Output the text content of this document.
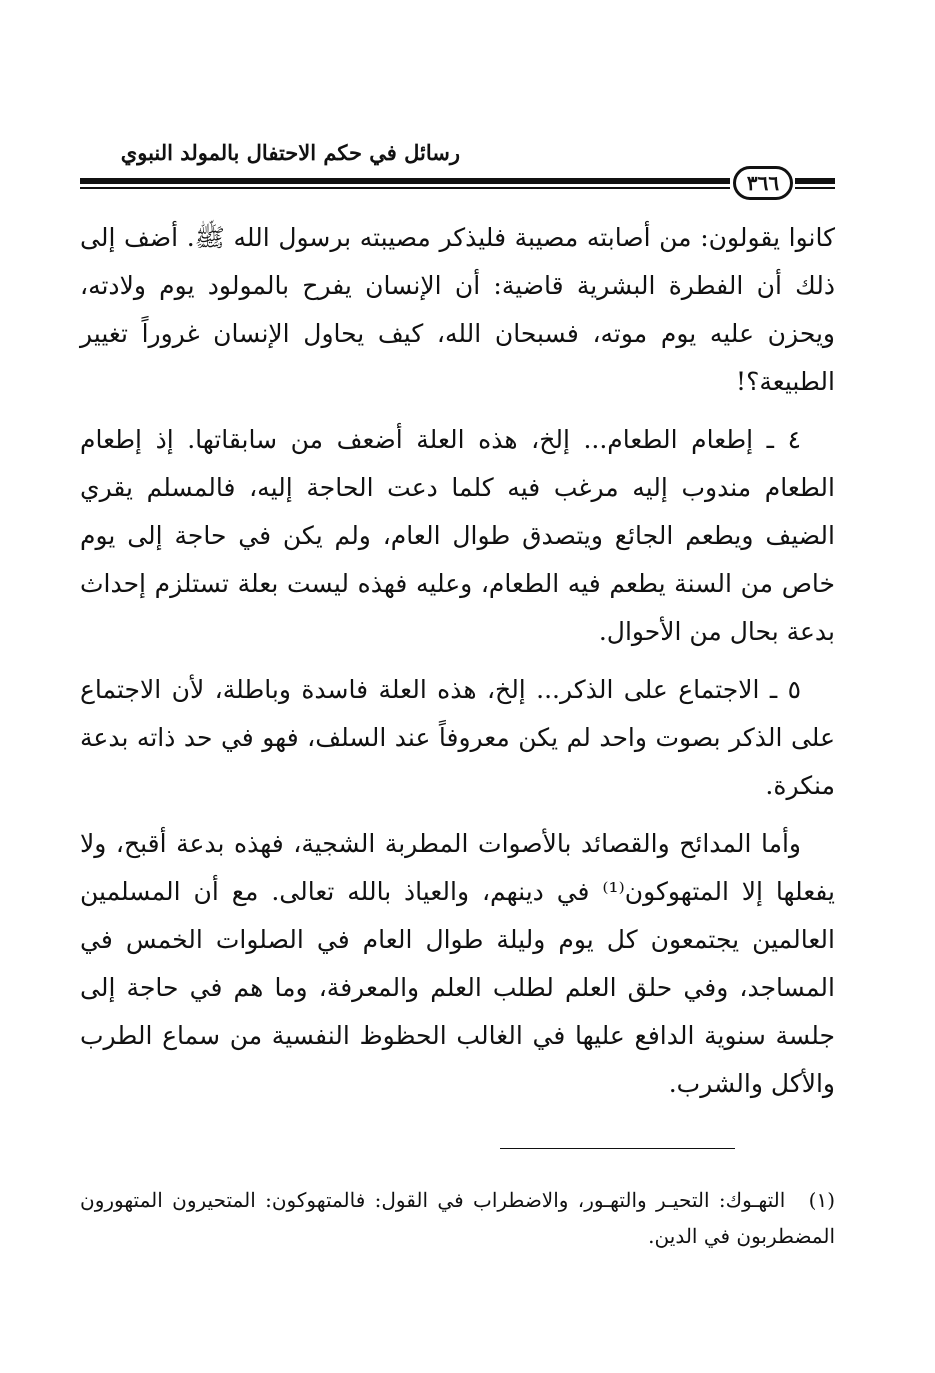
رسائل في حكم الاحتفال بالمولد النبوي
٣٦٦

كانوا يقولون: من أصابته مصيبة فليذكر مصيبته برسول الله ﷺ. أضف إلى ذلك أن الفطرة البشرية قاضية: أن الإنسان يفرح بالمولود يوم ولادته، ويحزن عليه يوم موته، فسبحان الله، كيف يحاول الإنسان غروراً تغيير الطبيعة؟!

٤ ـ إطعام الطعام... إلخ، هذه العلة أضعف من سابقاتها. إذ إطعام الطعام مندوب إليه مرغب فيه كلما دعت الحاجة إليه، فالمسلم يقري الضيف ويطعم الجائع ويتصدق طوال العام، ولم يكن في حاجة إلى يوم خاص من السنة يطعم فيه الطعام، وعليه فهذه ليست بعلة تستلزم إحداث بدعة بحال من الأحوال.

٥ ـ الاجتماع على الذكر... إلخ، هذه العلة فاسدة وباطلة، لأن الاجتماع على الذكر بصوت واحد لم يكن معروفاً عند السلف، فهو في حد ذاته بدعة منكرة.

وأما المدائح والقصائد بالأصوات المطربة الشجية، فهذه بدعة أقبح، ولا يفعلها إلا المتهوكون⁽¹⁾ في دينهم، والعياذ بالله تعالى. مع أن المسلمين العالمين يجتمعون كل يوم وليلة طوال العام في الصلوات الخمس في المساجد، وفي حلق العلم لطلب العلم والمعرفة، وما هم في حاجة إلى جلسة سنوية الدافع عليها في الغالب الحظوظ النفسية من سماع الطرب والأكل والشرب.

(١) التهـوك: التحيـر والتهـور، والاضطراب في القول: فالمتهوكون: المتحيرون المتهورون المضطربون في الدين.
